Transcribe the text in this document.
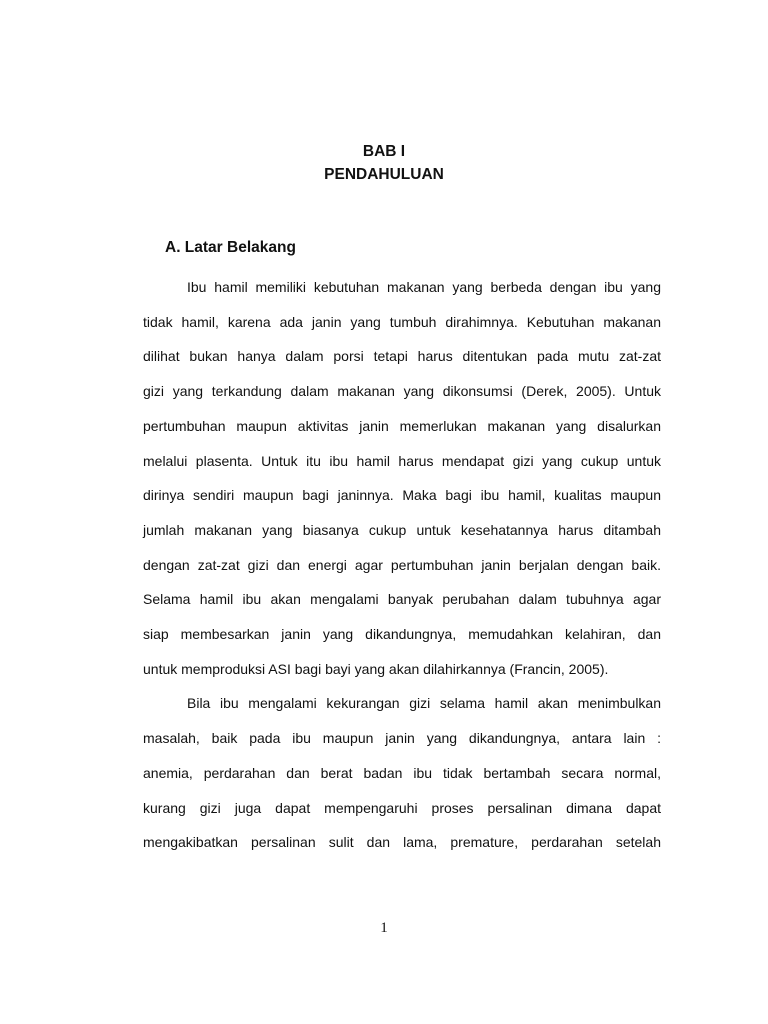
BAB I
PENDAHULUAN
A. Latar Belakang

Ibu hamil memiliki kebutuhan makanan yang berbeda dengan ibu yang
tidak hamil, karena ada janin yang tumbuh dirahimnya. Kebutuhan makanan
dilihat bukan hanya dalam porsi tetapi harus ditentukan pada mutu zat-zat
gizi yang terkandung dalam makanan yang dikonsumsi (Derek, 2005). Untuk
pertumbuhan maupun aktivitas janin memerlukan makanan yang disalurkan
melalui plasenta. Untuk itu ibu hamil harus mendapat gizi yang cukup untuk
dirinya sendiri maupun bagi janinnya. Maka bagi ibu hamil, kualitas maupun
jumlah makanan yang biasanya cukup untuk kesehatannya harus ditambah
dengan zat-zat gizi dan energi agar pertumbuhan janin berjalan dengan baik.
Selama hamil ibu akan mengalami banyak perubahan dalam tubuhnya agar
siap membesarkan janin yang dikandungnya, memudahkan kelahiran, dan
untuk memproduksi ASI bagi bayi yang akan dilahirkannya (Francin, 2005).

Bila ibu mengalami kekurangan gizi selama hamil akan menimbulkan
masalah, baik pada ibu maupun janin yang dikandungnya, antara lain :
anemia, perdarahan dan berat badan ibu tidak bertambah secara normal,
kurang gizi juga dapat mempengaruhi proses persalinan dimana dapat
mengakibatkan persalinan sulit dan lama, premature, perdarahan setelah

1
